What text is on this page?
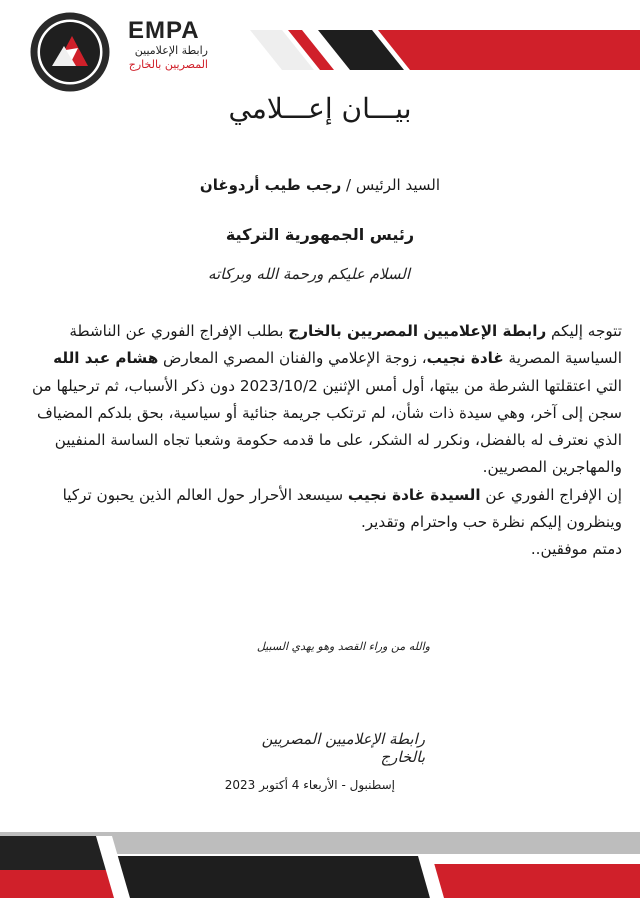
EMPA
رابطة الإعلاميين
المصريين بالخارج
بيـــان إعـــلامي
السيد الرئيس / رجب طيب أردوغان
رئيس الجمهورية التركية
السلام عليكم ورحمة الله وبركاته

تتوجه إليكم رابطة الإعلاميين المصريين بالخارج بطلب الإفراج الفوري عن الناشطة السياسية المصرية غادة نجيب، زوجة الإعلامي والفنان المصري المعارض هشام عبد الله التي اعتقلتها الشرطة من بيتها، أول أمس الإثنين 2023/10/2 دون ذكر الأسباب، ثم ترحيلها من سجن إلى آخر، وهي سيدة ذات شأن، لم ترتكب جريمة جنائية أو سياسية، بحق بلدكم المضياف الذي نعترف له بالفضل، ونكرر له الشكر، على ما قدمه حكومة وشعبا تجاه الساسة المنفيين والمهاجرين المصريين.

إن الإفراج الفوري عن السيدة غادة نجيب سيسعد الأحرار حول العالم الذين يحبون تركيا وينظرون إليكم نظرة حب واحترام وتقدير.

دمتم موفقين..

والله من وراء القصد وهو يهدي السبيل
رابطة الإعلاميين المصريين بالخارج
إسطنبول - الأربعاء 4 أكتوبر 2023
